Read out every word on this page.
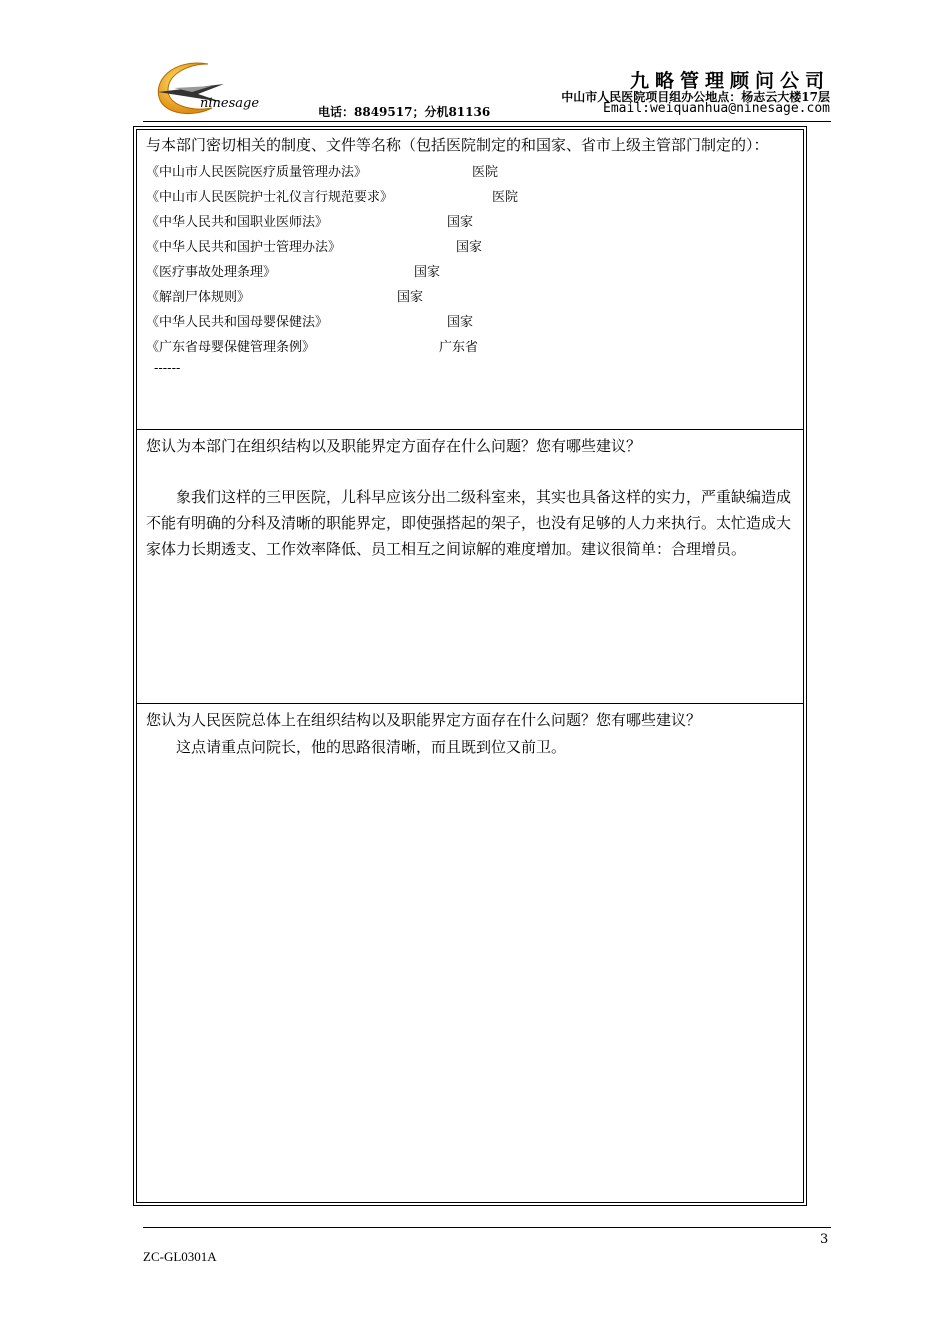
ninesage
九略管理顾问公司
中山市人民医院项目组办公地点：杨志云大楼17层
电话：8849517；分机81136	Email:weiquanhua@ninesage.com

与本部门密切相关的制度、文件等名称（包括医院制定的和国家、省市上级主管部门制定的）：

《中山市人民医院医疗质量管理办法》	医院
《中山市人民医院护士礼仪言行规范要求》	医院
《中华人民共和国职业医师法》	国家
《中华人民共和国护士管理办法》	国家
《医疗事故处理条理》	国家
《解剖尸体规则》	国家
《中华人民共和国母婴保健法》	国家
《广东省母婴保健管理条例》	广东省
------

您认为本部门在组织结构以及职能界定方面存在什么问题？您有哪些建议？

象我们这样的三甲医院，儿科早应该分出二级科室来，其实也具备这样的实力，严重缺编造成不能有明确的分科及清晰的职能界定，即使强搭起的架子，也没有足够的人力来执行。太忙造成大家体力长期透支、工作效率降低、员工相互之间谅解的难度增加。建议很简单：合理增员。

您认为人民医院总体上在组织结构以及职能界定方面存在什么问题？您有哪些建议？

这点请重点问院长，他的思路很清晰，而且既到位又前卫。

3
ZC-GL0301A
